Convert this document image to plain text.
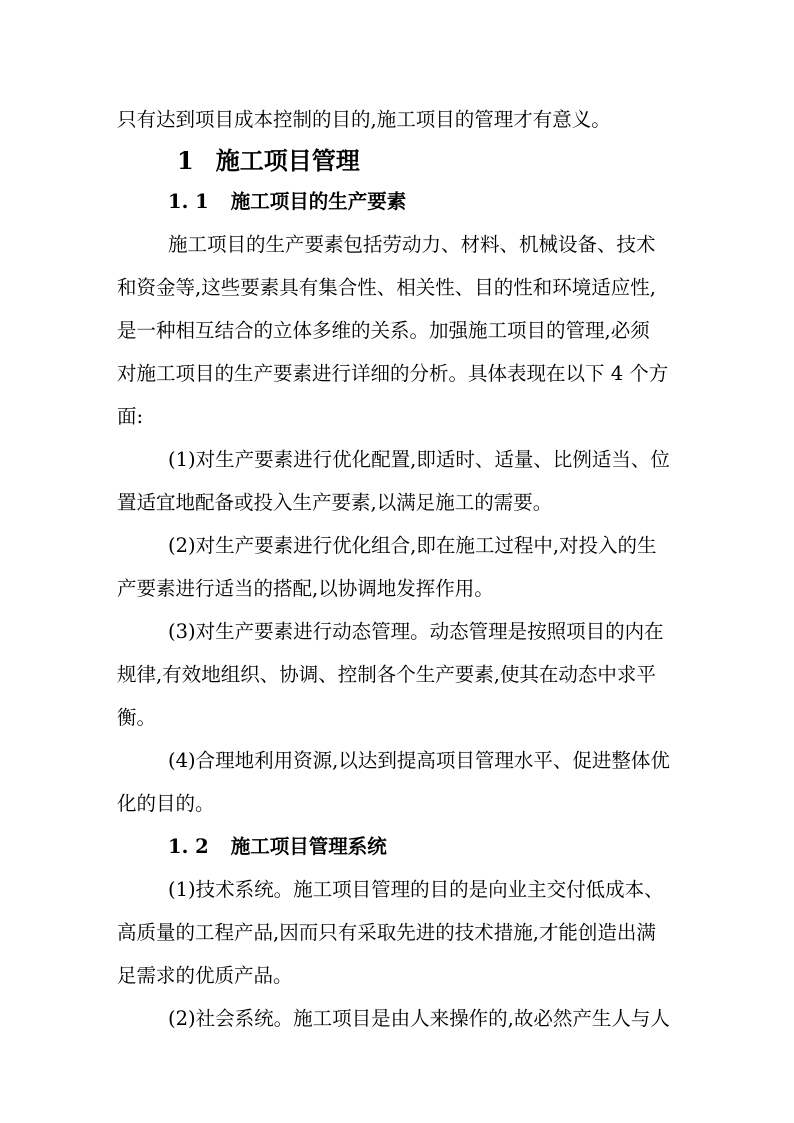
只有达到项目成本控制的目的,施工项目的管理才有意义。
1 施工项目管理
1. 1 施工项目的生产要素
施工项目的生产要素包括劳动力、材料、机械设备、技术
和资金等,这些要素具有集合性、相关性、目的性和环境适应性,
是一种相互结合的立体多维的关系。加强施工项目的管理,必须
对施工项目的生产要素进行详细的分析。具体表现在以下 4 个方
面:
(1)对生产要素进行优化配置,即适时、适量、比例适当、位
置适宜地配备或投入生产要素,以满足施工的需要。
(2)对生产要素进行优化组合,即在施工过程中,对投入的生
产要素进行适当的搭配,以协调地发挥作用。
(3)对生产要素进行动态管理。动态管理是按照项目的内在
规律,有效地组织、协调、控制各个生产要素,使其在动态中求平
衡。
(4)合理地利用资源,以达到提高项目管理水平、促进整体优
化的目的。
1. 2 施工项目管理系统
(1)技术系统。施工项目管理的目的是向业主交付低成本、
高质量的工程产品,因而只有采取先进的技术措施,才能创造出满
足需求的优质产品。
(2)社会系统。施工项目是由人来操作的,故必然产生人与人
